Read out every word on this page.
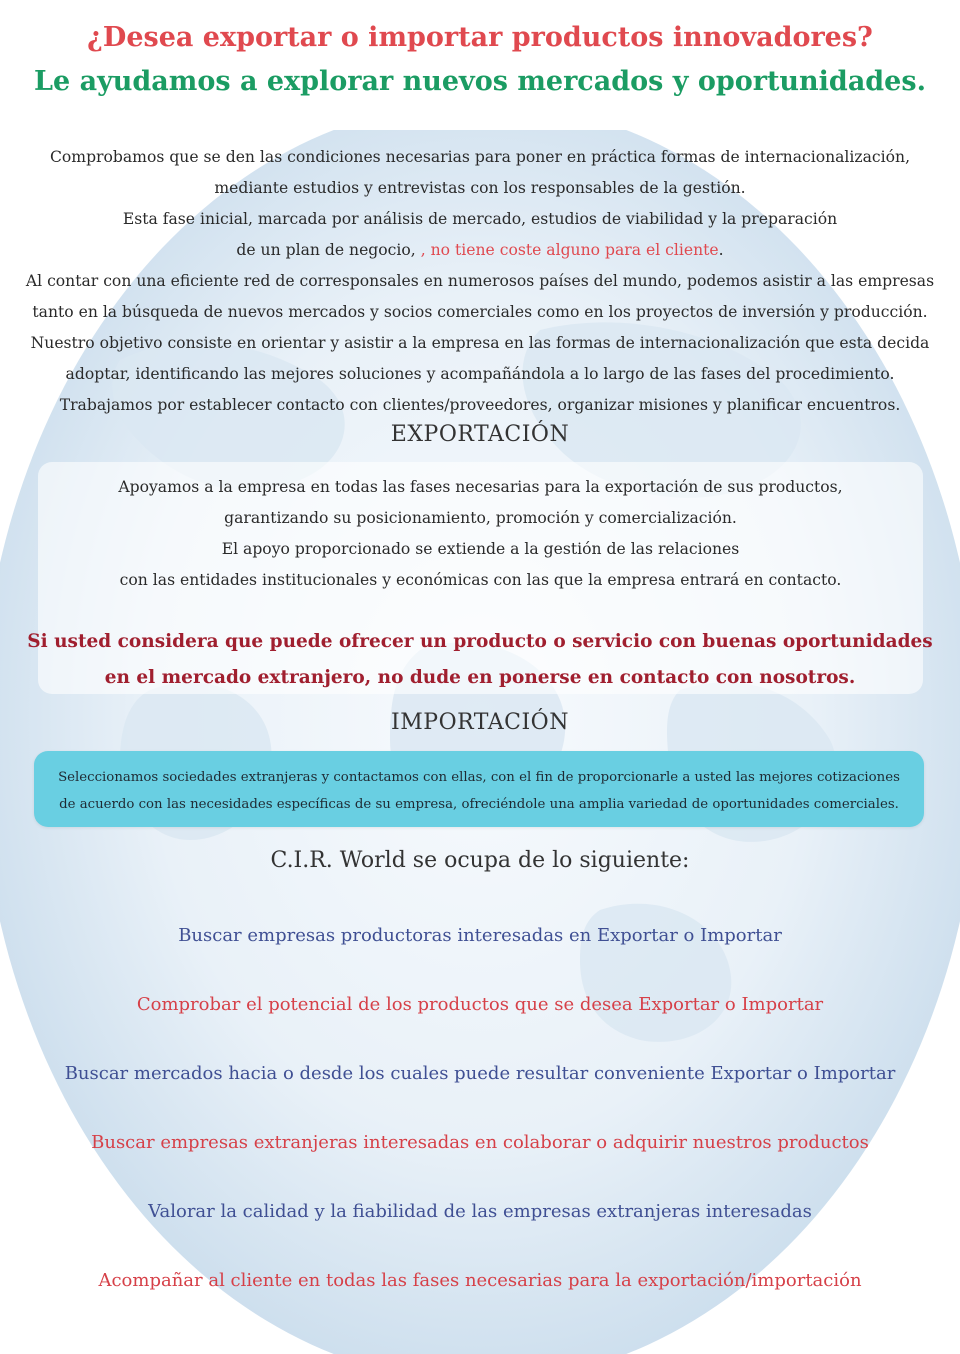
¿Desea exportar o importar productos innovadores?
Le ayudamos a explorar nuevos mercados y oportunidades.

Comprobamos que se den las condiciones necesarias para poner en práctica formas de internacionalización,

mediante estudios y entrevistas con los responsables de la gestión.

Esta fase inicial, marcada por análisis de mercado, estudios de viabilidad y la preparación

de un plan de negocio, , no tiene coste alguno para el cliente.

Al contar con una eficiente red de corresponsales en numerosos países del mundo, podemos asistir a las empresas

tanto en la búsqueda de nuevos mercados y socios comerciales como en los proyectos de inversión y producción.

Nuestro objetivo consiste en orientar y asistir a la empresa en las formas de internacionalización que esta decida

adoptar, identificando las mejores soluciones y acompañándola a lo largo de las fases del procedimiento.

Trabajamos por establecer contacto con clientes/proveedores, organizar misiones y planificar encuentros.

EXPORTACIÓN

Apoyamos a la empresa en todas las fases necesarias para la exportación de sus productos,

garantizando su posicionamiento, promoción y comercialización.

El apoyo proporcionado se extiende a la gestión de las relaciones

con las entidades institucionales y económicas con las que la empresa entrará en contacto.

Si usted considera que puede ofrecer un producto o servicio con buenas oportunidades

en el mercado extranjero, no dude en ponerse en contacto con nosotros.

IMPORTACIÓN

Seleccionamos sociedades extranjeras y contactamos con ellas, con el fin de proporcionarle a usted las mejores cotizaciones

de acuerdo con las necesidades específicas de su empresa, ofreciéndole una amplia variedad de oportunidades comerciales.

C.I.R. World se ocupa de lo siguiente:
Buscar empresas productoras interesadas en Exportar o Importar
Comprobar el potencial de los productos que se desea Exportar o Importar
Buscar mercados hacia o desde los cuales puede resultar conveniente Exportar o Importar
Buscar empresas extranjeras interesadas en colaborar o adquirir nuestros productos
Valorar la calidad y la fiabilidad de las empresas extranjeras interesadas
Acompañar al cliente en todas las fases necesarias para la exportación/importación
